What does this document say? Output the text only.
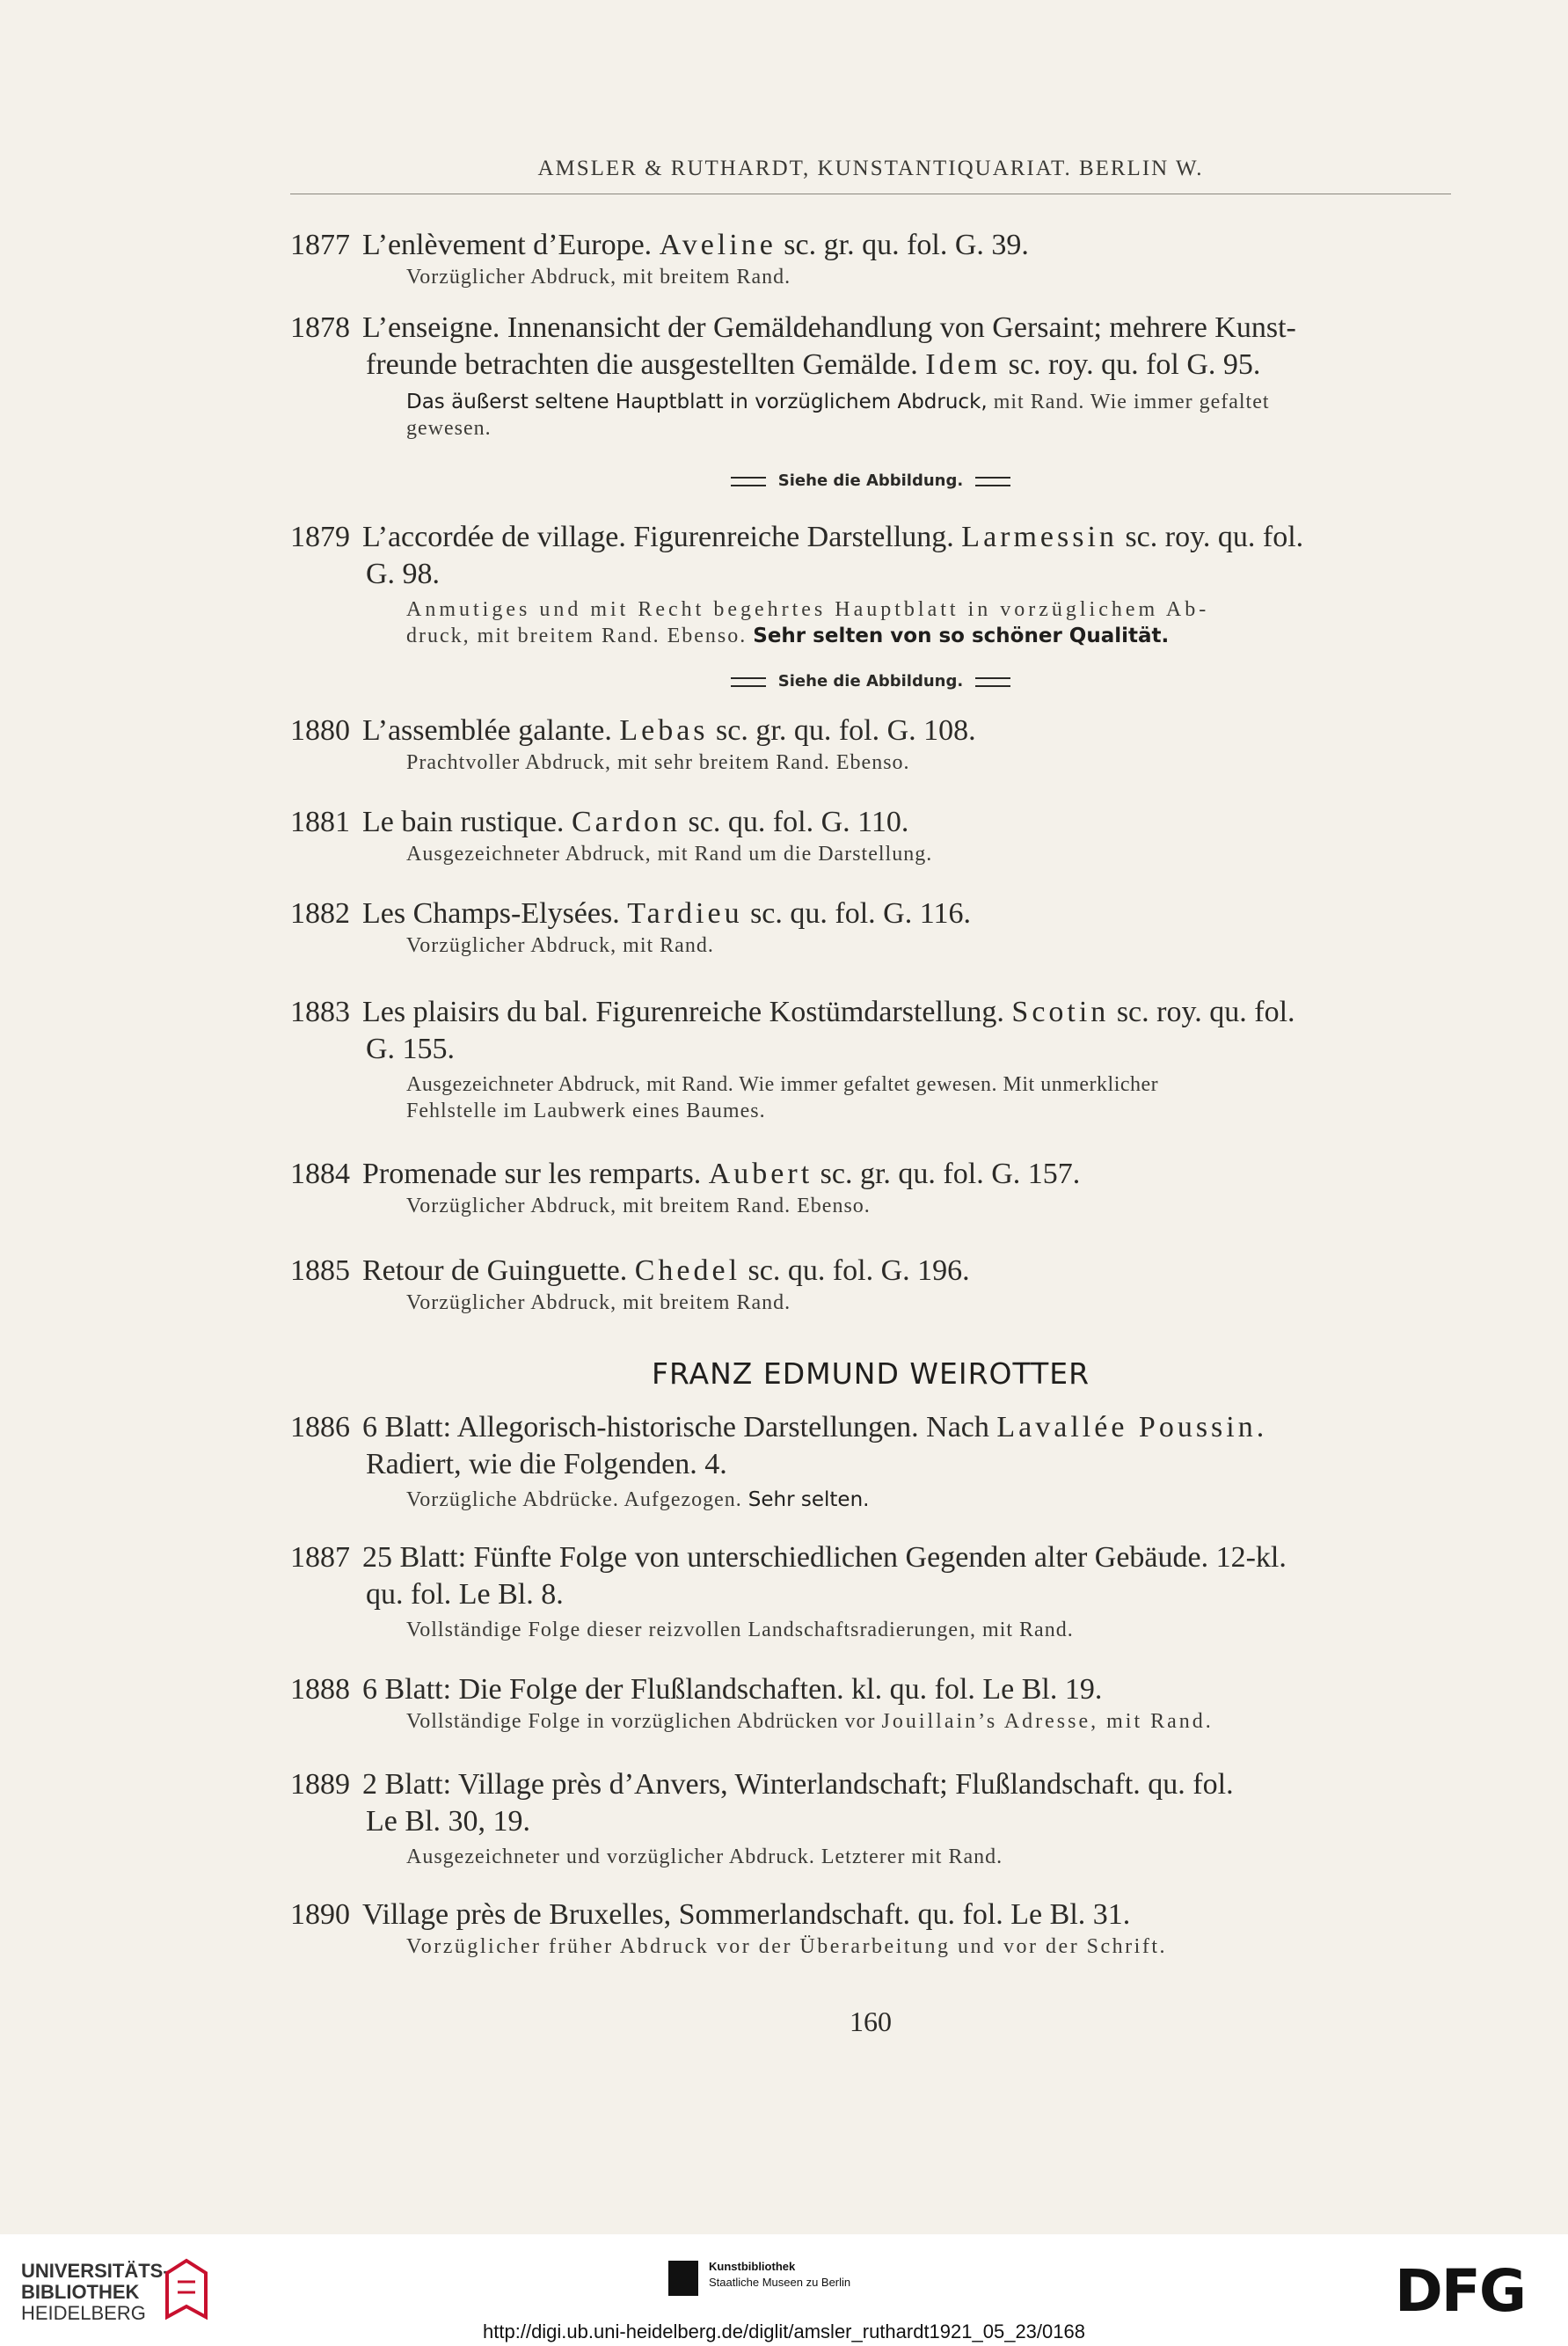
AMSLER & RUTHARDT, KUNSTANTIQUARIAT. BERLIN W.
1877 L’enlèvement d’Europe. Aveline sc. gr. qu. fol. G. 39.
Vorzüglicher Abdruck, mit breitem Rand.
1878 L’enseigne. Innenansicht der Gemäldehandlung von Gersaint; mehrere Kunst-
freunde betrachten die ausgestellten Gemälde. Idem sc. roy. qu. fol G. 95.
Das äußerst seltene Hauptblatt in vorzüglichem Abdruck, mit Rand. Wie immer gefaltet
gewesen.
Siehe die Abbildung.
1879 L’accordée de village. Figurenreiche Darstellung. Larmessin sc. roy. qu. fol.
G. 98.
Anmutiges und mit Recht begehrtes Hauptblatt in vorzüglichem Ab-
druck, mit breitem Rand. Ebenso. Sehr selten von so schöner Qualität.
Siehe die Abbildung.
1880 L’assemblée galante. Lebas sc. gr. qu. fol. G. 108.
Prachtvoller Abdruck, mit sehr breitem Rand. Ebenso.
1881 Le bain rustique. Cardon sc. qu. fol. G. 110.
Ausgezeichneter Abdruck, mit Rand um die Darstellung.
1882 Les Champs-Elysées. Tardieu sc. qu. fol. G. 116.
Vorzüglicher Abdruck, mit Rand.
1883 Les plaisirs du bal. Figurenreiche Kostümdarstellung. Scotin sc. roy. qu. fol.
G. 155.
Ausgezeichneter Abdruck, mit Rand. Wie immer gefaltet gewesen. Mit unmerklicher
Fehlstelle im Laubwerk eines Baumes.
1884 Promenade sur les remparts. Aubert sc. gr. qu. fol. G. 157.
Vorzüglicher Abdruck, mit breitem Rand. Ebenso.
1885 Retour de Guinguette. Chedel sc. qu. fol. G. 196.
Vorzüglicher Abdruck, mit breitem Rand.
FRANZ EDMUND WEIROTTER
1886 6 Blatt: Allegorisch-historische Darstellungen. Nach Lavallée Poussin.
Radiert, wie die Folgenden. 4.
Vorzügliche Abdrücke. Aufgezogen. Sehr selten.
1887 25 Blatt: Fünfte Folge von unterschiedlichen Gegenden alter Gebäude. 12-kl.
qu. fol. Le Bl. 8.
Vollständige Folge dieser reizvollen Landschaftsradierungen, mit Rand.
1888 6 Blatt: Die Folge der Flußlandschaften. kl. qu. fol. Le Bl. 19.
Vollständige Folge in vorzüglichen Abdrücken vor Jouillain’s Adresse, mit Rand.
1889 2 Blatt: Village près d’Anvers, Winterlandschaft; Flußlandschaft. qu. fol.
Le Bl. 30, 19.
Ausgezeichneter und vorzüglicher Abdruck. Letzterer mit Rand.
1890 Village près de Bruxelles, Sommerlandschaft. qu. fol. Le Bl. 31.
Vorzüglicher früher Abdruck vor der Überarbeitung und vor der Schrift.
160
UNIVERSITÄTS-
BIBLIOTHEK
HEIDELBERG
Kunstbibliothek
Staatliche Museen zu Berlin	DFG
http://digi.ub.uni-heidelberg.de/diglit/amsler_ruthardt1921_05_23/0168
